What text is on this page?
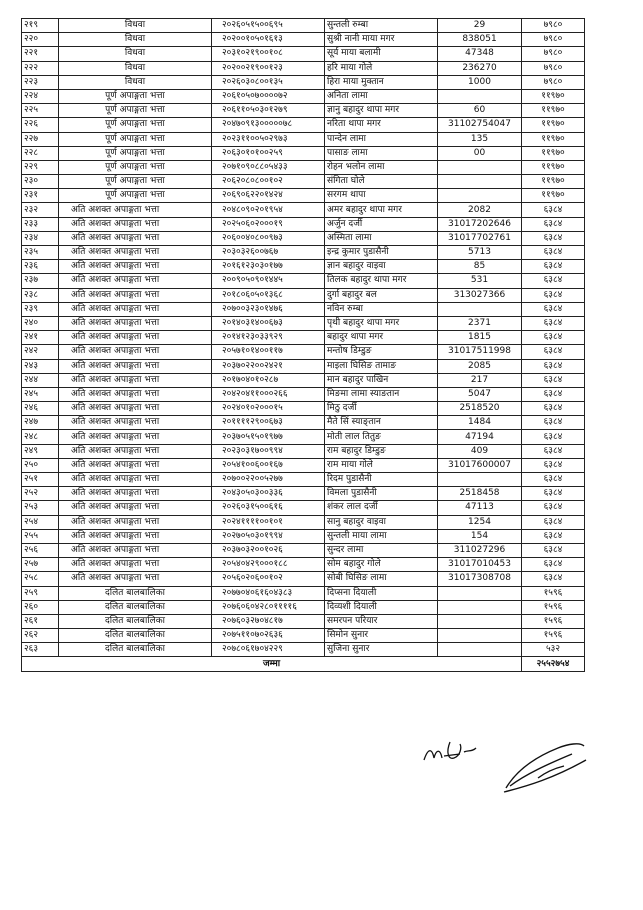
२१९	विधवा	२०२६०५१५००६९५	सुन्तली रुम्बा	29	७९८०
२२०	विधवा	२०२००१०५०१६१३	सुश्री नानी माया मगर	838051	७९८०
२२१	विधवा	२०३१०२१९००१०८	सूर्य माया बलामी	47348	७९८०
२२२	विधवा	२०२००२१९००१२३	हरि माया गोले	236270	७९८०
२२३	विधवा	२०२६०३०८००१३५	हिरा माया मुक्तान	1000	७९८०
२२४	पूर्ण अपाङ्गता भत्ता	२०६१०५०७००००७२	अनिता लामा		११९७०
२२५	पूर्ण अपाङ्गता भत्ता	२०६११०५०३०१२७९	ज्ञानु बहादुर थापा मगर	60	११९७०
२२६	पूर्ण अपाङ्गता भत्ता	२०४७०९१३०००००७८	नरिता थापा मगर	31102754047	११९७०
२२७	पूर्ण अपाङ्गता भत्ता	२०२३११००५०२९७३	पान्देन लामा	135	११९७०
२२८	पूर्ण अपाङ्गता भत्ता	२०६३०१०१००२५९	पासाङ लामा	00	११९७०
२२९	पूर्ण अपाङ्गता भत्ता	२०७१०९०८८०५४३३	रोहन भलोन लामा		११९७०
२३०	पूर्ण अपाङ्गता भत्ता	२०६२०८०८००१०२	संगिता घोले		११९७०
२३१	पूर्ण अपाङ्गता भत्ता	२०६९०६२२०१४२४	सरगम थापा		११९७०
२३२	अति अशक्त अपाङ्गता भत्ता	२०४८०९०२०१९५४	अमर बहादुर थापा मगर	2082	६३८४
२३३	अति अशक्त अपाङ्गता भत्ता	२०२५०६०२०००१९	अर्जुन दर्जी	31017202646	६३८४
२३४	अति अशक्त अपाङ्गता भत्ता	२०६००४०८००९७३	अस्मिता लामा	31017702761	६३८४
२३५	अति अशक्त अपाङ्गता भत्ता	२०३०३२६००७६७	इन्द्र कुमार पुडासैनी	5713	६३८४
२३६	अति अशक्त अपाङ्गता भत्ता	२०१६१२३०३०१७७	ज्ञान बहादुर वाइवा	85	६३८४
२३७	अति अशक्त अपाङ्गता भत्ता	२००९०५०९०१४४५	तिलक बहादुर थापा मगर	531	६३८४
२३८	अति अशक्त अपाङ्गता भत्ता	२०१८०६०५०१३६८	दुर्गा बहादुर बल	313027366	६३८४
२३९	अति अशक्त अपाङ्गता भत्ता	२०७००३२३०१४७६	नविन रुम्बा		६३८४
२४०	अति अशक्त अपाङ्गता भत्ता	२०१४०३१४००६७३	पृथी बहादुर थापा मगर	2371	६३८४
२४१	अति अशक्त अपाङ्गता भत्ता	२०१४१२३०३३९२९	बहादुर थापा मगर	1815	६३८४
२४२	अति अशक्त अपाङ्गता भत्ता	२०५७१०१४००११७	मन्तोष डिम्डुङ	31017511998	६३८४
२४३	अति अशक्त अपाङ्गता भत्ता	२०३७०२२००२४२१	माइला घिसिङ तामाङ	2085	६३८४
२४४	अति अशक्त अपाङ्गता भत्ता	२०१७०४०१०२८७	मान बहादुर पाखिन	217	६३८४
२४५	अति अशक्त अपाङ्गता भत्ता	२०४२०४११०००२६६	मिङमा लामा स्याङतान	5047	६३८४
२४६	अति अशक्त अपाङ्गता भत्ता	२०२४०१०२०००१५	मिठु दर्जी	2518520	६३८४
२४७	अति अशक्त अपाङ्गता भत्ता	२०११११२९००६७३	मैते सिं स्याङ्तान	1484	६३८४
२४८	अति अशक्त अपाङ्गता भत्ता	२०३७०५१५०१९७७	मोती लाल तितुङ	47194	६३८४
२४९	अति अशक्त अपाङ्गता भत्ता	२०२३०३१७००९९४	राम बहादुर डिम्डुङ	409	६३८४
२५०	अति अशक्त अपाङ्गता भत्ता	२०५४१००६००१६७	राम माया गोले	31017600007	६३८४
२५१	अति अशक्त अपाङ्गता भत्ता	२०७००२२००५२७७	रिदम पुडासैनी		६३८४
२५२	अति अशक्त अपाङ्गता भत्ता	२०४३०५०३००३३६	विमला पुडासैनी	2518458	६३८४
२५३	अति अशक्त अपाङ्गता भत्ता	२०२६०३१५००६१६	शंकर लाल दर्जी	47113	६३८४
२५४	अति अशक्त अपाङ्गता भत्ता	२०२४११११००१०१	सानु बहादुर वाइवा	1254	६३८४
२५५	अति अशक्त अपाङ्गता भत्ता	२०२७०५०३०१९९४	सुन्तली माया लामा	154	६३८४
२५६	अति अशक्त अपाङ्गता भत्ता	२०३७०३२००१०२६	सुन्दर लामा	311027296	६३८४
२५७	अति अशक्त अपाङ्गता भत्ता	२०५४०४२९०००१८८	सोम बहादुर गोले	31017010453	६३८४
२५८	अति अशक्त अपाङ्गता भत्ता	२०५६०२०६००१०२	सोबी घिसिङ लामा	31017308708	६३८४
२५९	दलित बालबालिका	२०७७०४०६१६०४३८३	दिप्सना दियाली		१५९६
२६०	दलित बालबालिका	२०७६०६०४२८०११११६	दिव्यशी दियाली		१५९६
२६१	दलित बालबालिका	२०७६०३२७०४८१७	समरपन परियार		१५९६
२६२	दलित बालबालिका	२०७५११०७०२६३६	सिमोन सुनार		१५९६
२६३	दलित बालबालिका	२०७८०६१७०४२२९	सुजिना सुनार		५३२
जम्मा					२५५२७५४
